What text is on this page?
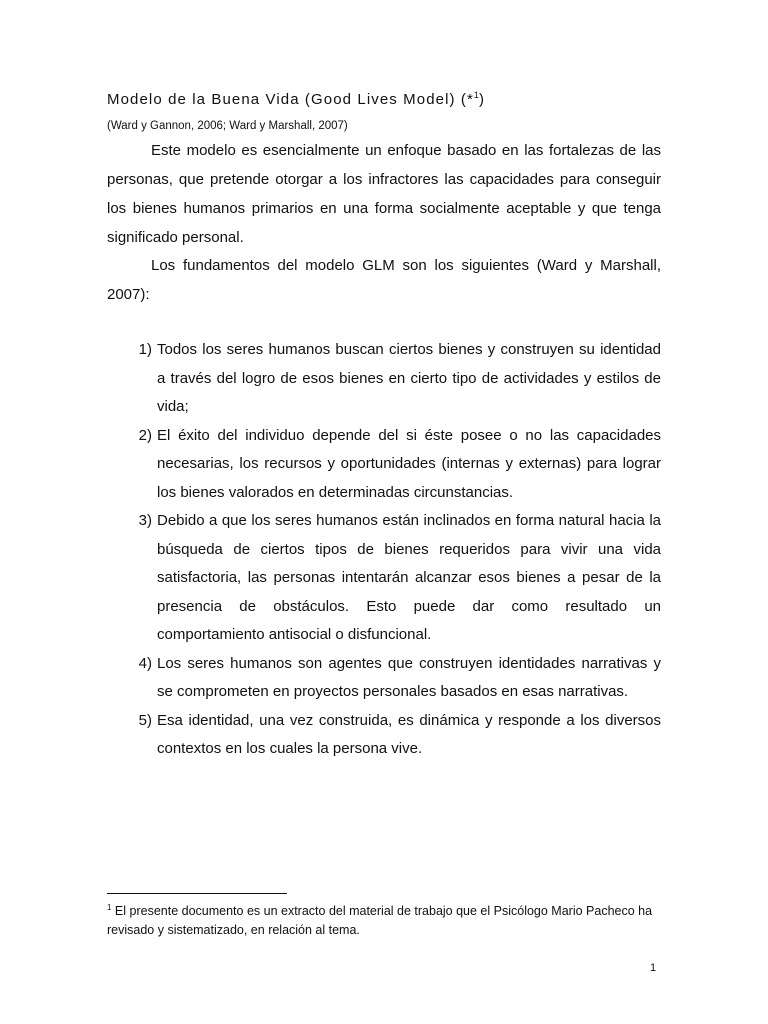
Modelo de la Buena Vida (Good Lives Model) (*$^1$)
(Ward y Gannon, 2006; Ward y Marshall, 2007)

Este modelo es esencialmente un enfoque basado en las fortalezas de las personas, que pretende otorgar a los infractores las capacidades para conseguir los bienes humanos primarios en una forma socialmente aceptable y que tenga significado personal.

Los fundamentos del modelo GLM son los siguientes (Ward y Marshall, 2007):

1) Todos los seres humanos buscan ciertos bienes y construyen su identidad a través del logro de esos bienes en cierto tipo de actividades y estilos de vida;
2) El éxito del individuo depende del si éste posee o no las capacidades necesarias, los recursos y oportunidades (internas y externas) para lograr los bienes valorados en determinadas circunstancias.
3) Debido a que los seres humanos están inclinados en forma natural hacia la búsqueda de ciertos tipos de bienes requeridos para vivir una vida satisfactoria, las personas intentarán alcanzar esos bienes a pesar de la presencia de obstáculos. Esto puede dar como resultado un comportamiento antisocial o disfuncional.
4) Los seres humanos son agentes que construyen identidades narrativas y se comprometen en proyectos personales basados en esas narrativas.
5) Esa identidad, una vez construida, es dinámica y responde a los diversos contextos en los cuales la persona vive.
$^1$ El presente documento es un extracto del material de trabajo que el Psicólogo Mario Pacheco ha revisado y sistematizado, en relación al tema.
1
